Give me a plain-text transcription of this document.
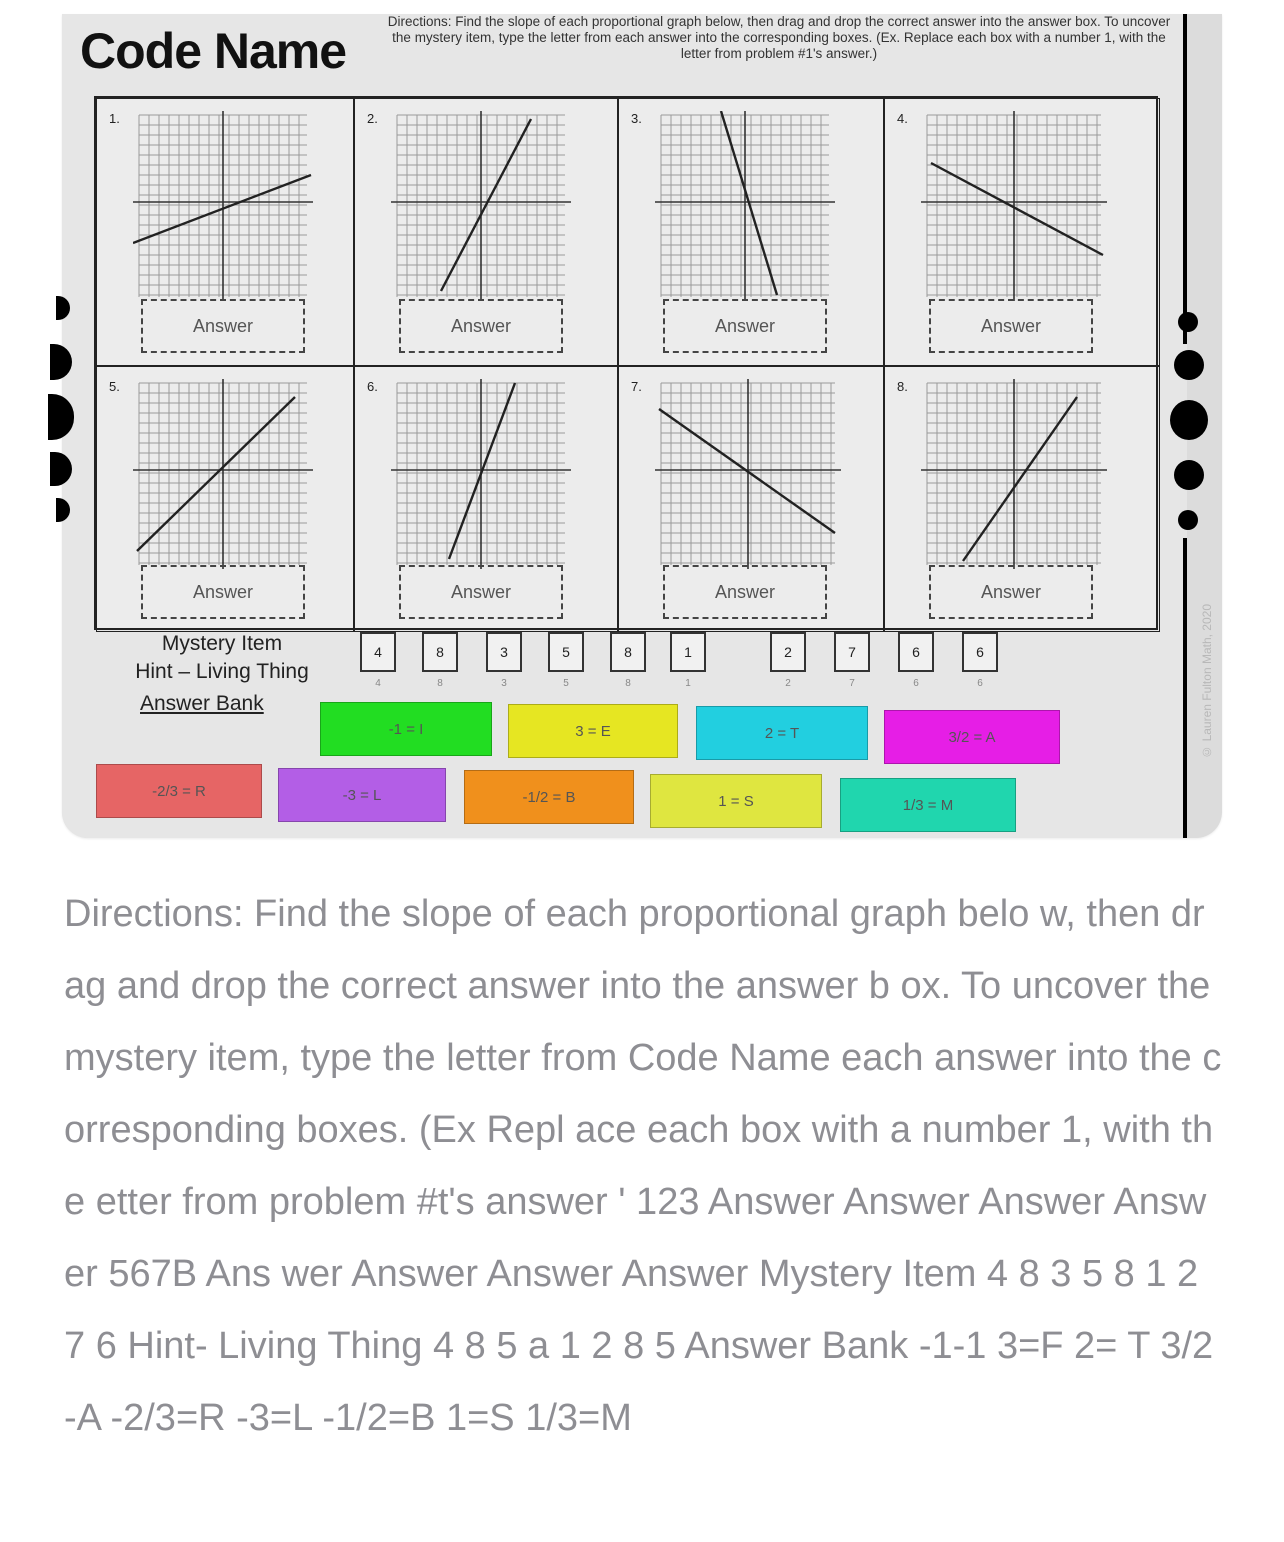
Code Name
Directions: Find the slope of each proportional graph below, then drag and drop the correct answer into the answer box. To uncover the mystery item, type the letter from each answer into the corresponding boxes. (Ex. Replace each box with a number 1, with the letter from problem #1's answer.)
1.
Answer
2.
Answer
3.
Answer
4.
Answer
5.
Answer
6.
Answer
7.
Answer
8.
Answer
Mystery Item
Hint – Living Thing
Answer Bank
4
4
8
8
3
3
5
5
8
8
1
1
2
2
7
7
6
6
6
6
-1 = I	3 = E	2 = T	3/2 = A
-2/3 = R	-3 = L	-1/2 = B	1 = S	1/3 = M
© Lauren Fulton Math, 2020
Directions: Find the slope of each proportional graph belo w, then drag and drop the correct answer into the answer b ox. To uncover the mystery item, type the letter from Code Name each answer into the corresponding boxes. (Ex Repl ace each box with a number 1, with the etter from problem #t's answer ' 123 Answer Answer Answer Answer 567B Ans wer Answer Answer Answer Mystery Item 4 8 3 5 8 1 2 7 6 Hint- Living Thing 4 8 5 a 1 2 8 5 Answer Bank -1-1 3=F 2= T 3/2-A -2/3=R -3=L -1/2=B 1=S 1/3=M
